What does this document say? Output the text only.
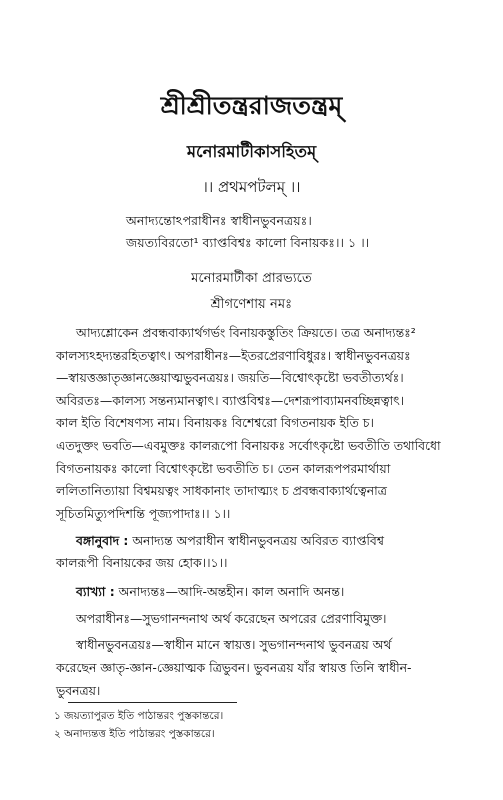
শ্রীশ্রীতন্ত্ররাজতন্ত্রম্
মনোরমাটীকাসহিতম্
।। প্রথমপটলম্ ।।
অনাদ্যন্তোঽপরাধীনঃ স্বাধীনভুবনত্রয়ঃ।
জয়ত্যবিরতো¹ ব্যাপ্তবিশ্বঃ কালো বিনায়কঃ।। ১ ।।
মনোরমাটীকা প্রারভ্যতে
শ্রীগণেশায় নমঃ
আদ্যশ্লোকেন প্রবন্ধবাক্যার্থগর্ভং বিনায়কস্তুতিং ক্রিয়তে। তত্র অনাদ্যন্তঃ²
কালস্যঽহদ্যন্তরহিতত্বাৎ। অপরাধীনঃ—ইতরপ্রেরণাবিধুরঃ। স্বাধীনভুবনত্রয়ঃ
—স্বায়ত্তজ্ঞাতৃজ্ঞানজ্ঞেয়াত্মভুবনত্রয়ঃ। জয়তি—বিশ্বোৎকৃষ্টো ভবতীত্যর্থঃ।
অবিরতঃ—কালস্য সন্তন্যমানত্বাৎ। ব্যাপ্তবিশ্বঃ—দেশরূপাব্যামনবচ্ছিন্নত্বাৎ।
কাল ইতি বিশেষণস্য নাম। বিনায়কঃ বিশেশ্বরো বিগতনায়ক ইতি চ।
এতদুক্তং ভবতি—এবমুক্তঃ কালরূপো বিনায়কঃ সর্বোৎকৃষ্টো ভবতীতি তথাবিধো
বিগতনায়কঃ কালো বিশ্বোৎকৃষ্টো ভবতীতি চ। তেন কালরূপপরমার্থায়া
ললিতানিত্যায়া বিশ্বময়ত্বং সাধকানাং তাদাত্ম্যং চ প্রবন্ধবাক্যার্থত্বেনাত্র
সূচিতমিত্যুপদিশন্তি পূজ্যপাদাঃ।। ১।।
বঙ্গানুবাদ : অনাদ্যন্ত অপরাধীন স্বাধীনভুবনত্রয় অবিরত ব্যাপ্তবিশ্ব
কালরূপী বিনায়কের জয় হোক।।১।।
ব্যাখ্যা : অনাদ্যন্তঃ—আদি-অন্তহীন। কাল অনাদি অনন্ত।
অপরাধীনঃ—সুভগানন্দনাথ অর্থ করেছেন অপরের প্রেরণাবিমুক্ত।
স্বাধীনভুবনত্রয়ঃ—স্বাধীন মানে স্বায়ত্ত। সুভগানন্দনাথ ভুবনত্রয় অর্থ
করেছেন জ্ঞাতৃ-জ্ঞান-জ্ঞেয়াত্মক ত্রিভুবন। ভুবনত্রয় যাঁর স্বায়ত্ত তিনি স্বাধীন-
ভুবনত্রয়।
১ জয়ত্যাপুরত ইতি পাঠান্তরং পুস্তকান্তরে।
২ অনাদ্যন্তত্ত ইতি পাঠান্তরং পুস্তকান্তরে।
